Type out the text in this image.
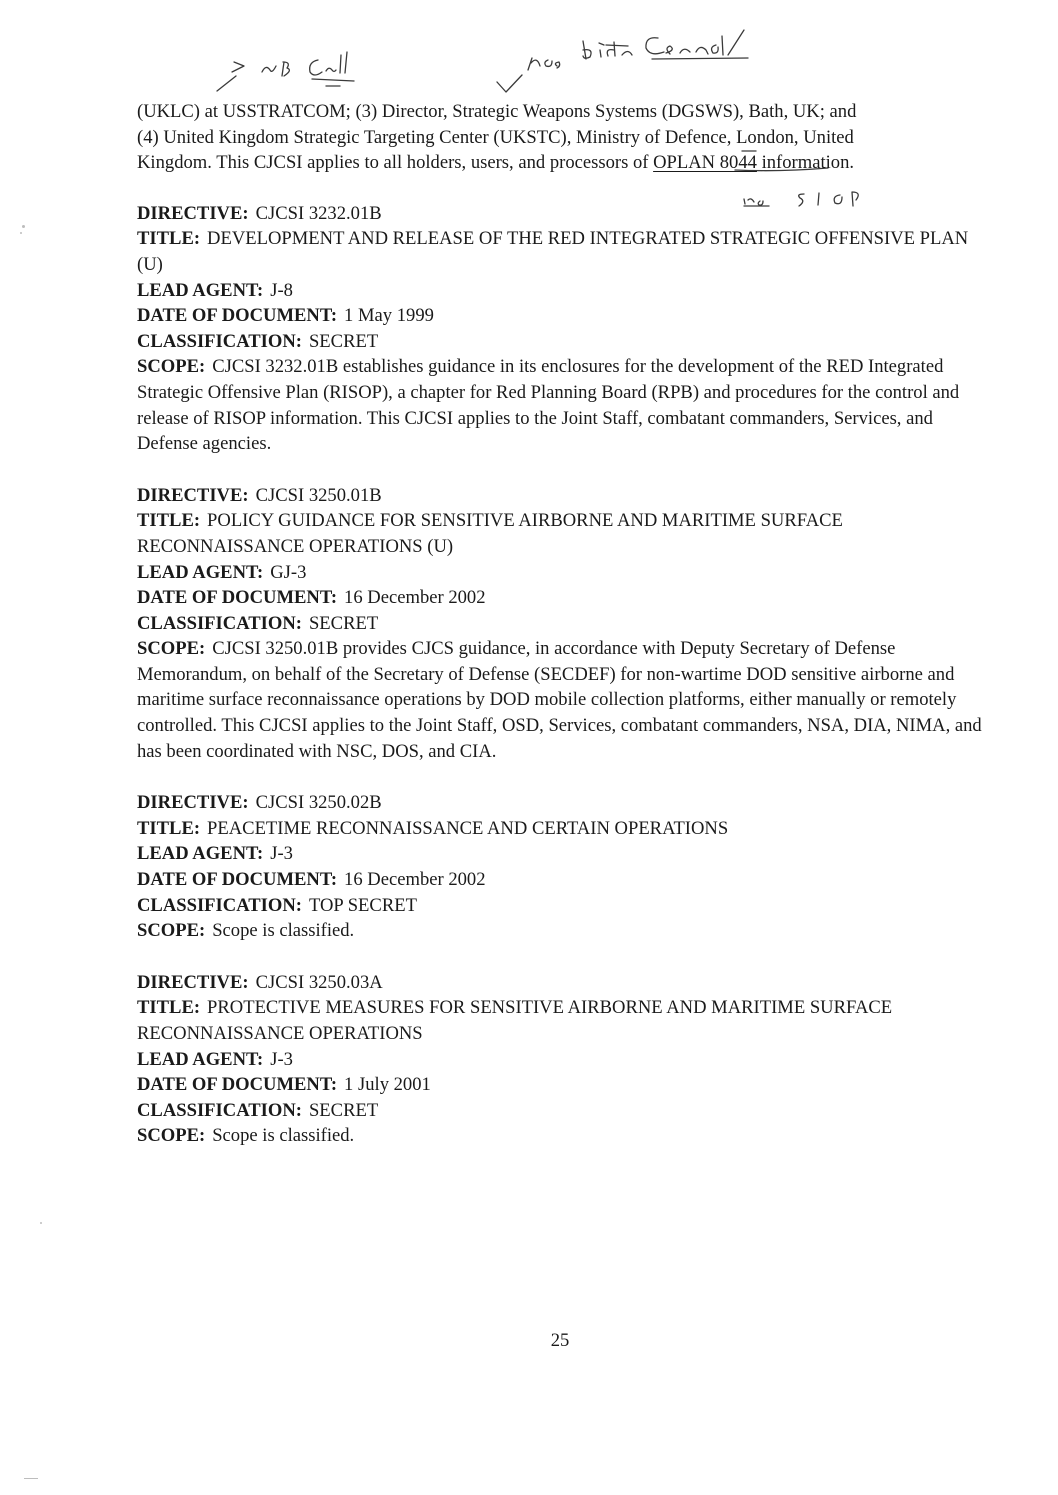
(UKLC) at USSTRATCOM; (3) Director, Strategic Weapons Systems (DGSWS), Bath, UK; and
(4) United Kingdom Strategic Targeting Center (UKSTC), Ministry of Defence, London, United
Kingdom. This CJCSI applies to all holders, users, and processors of OPLAN 8044 information.

DIRECTIVE: CJCSI 3232.01B

TITLE: DEVELOPMENT AND RELEASE OF THE RED INTEGRATED STRATEGIC OFFENSIVE PLAN (U)

LEAD AGENT: J-8

DATE OF DOCUMENT: 1 May 1999

CLASSIFICATION: SECRET

SCOPE: CJCSI 3232.01B establishes guidance in its enclosures for the development of the RED Integrated Strategic Offensive Plan (RISOP), a chapter for Red Planning Board (RPB) and procedures for the control and release of RISOP information. This CJCSI applies to the Joint Staff, combatant commanders, Services, and Defense agencies.

DIRECTIVE: CJCSI 3250.01B

TITLE: POLICY GUIDANCE FOR SENSITIVE AIRBORNE AND MARITIME SURFACE RECONNAISSANCE OPERATIONS (U)

LEAD AGENT: GJ-3

DATE OF DOCUMENT: 16 December 2002

CLASSIFICATION: SECRET

SCOPE: CJCSI 3250.01B provides CJCS guidance, in accordance with Deputy Secretary of Defense Memorandum, on behalf of the Secretary of Defense (SECDEF) for non-wartime DOD sensitive airborne and maritime surface reconnaissance operations by DOD mobile collection platforms, either manually or remotely controlled. This CJCSI applies to the Joint Staff, OSD, Services, combatant commanders, NSA, DIA, NIMA, and has been coordinated with NSC, DOS, and CIA.

DIRECTIVE: CJCSI 3250.02B

TITLE: PEACETIME RECONNAISSANCE AND CERTAIN OPERATIONS

LEAD AGENT: J-3

DATE OF DOCUMENT: 16 December 2002

CLASSIFICATION: TOP SECRET

SCOPE: Scope is classified.

DIRECTIVE: CJCSI 3250.03A

TITLE: PROTECTIVE MEASURES FOR SENSITIVE AIRBORNE AND MARITIME SURFACE RECONNAISSANCE OPERATIONS

LEAD AGENT: J-3

DATE OF DOCUMENT: 1 July 2001

CLASSIFICATION: SECRET

SCOPE: Scope is classified.

25
